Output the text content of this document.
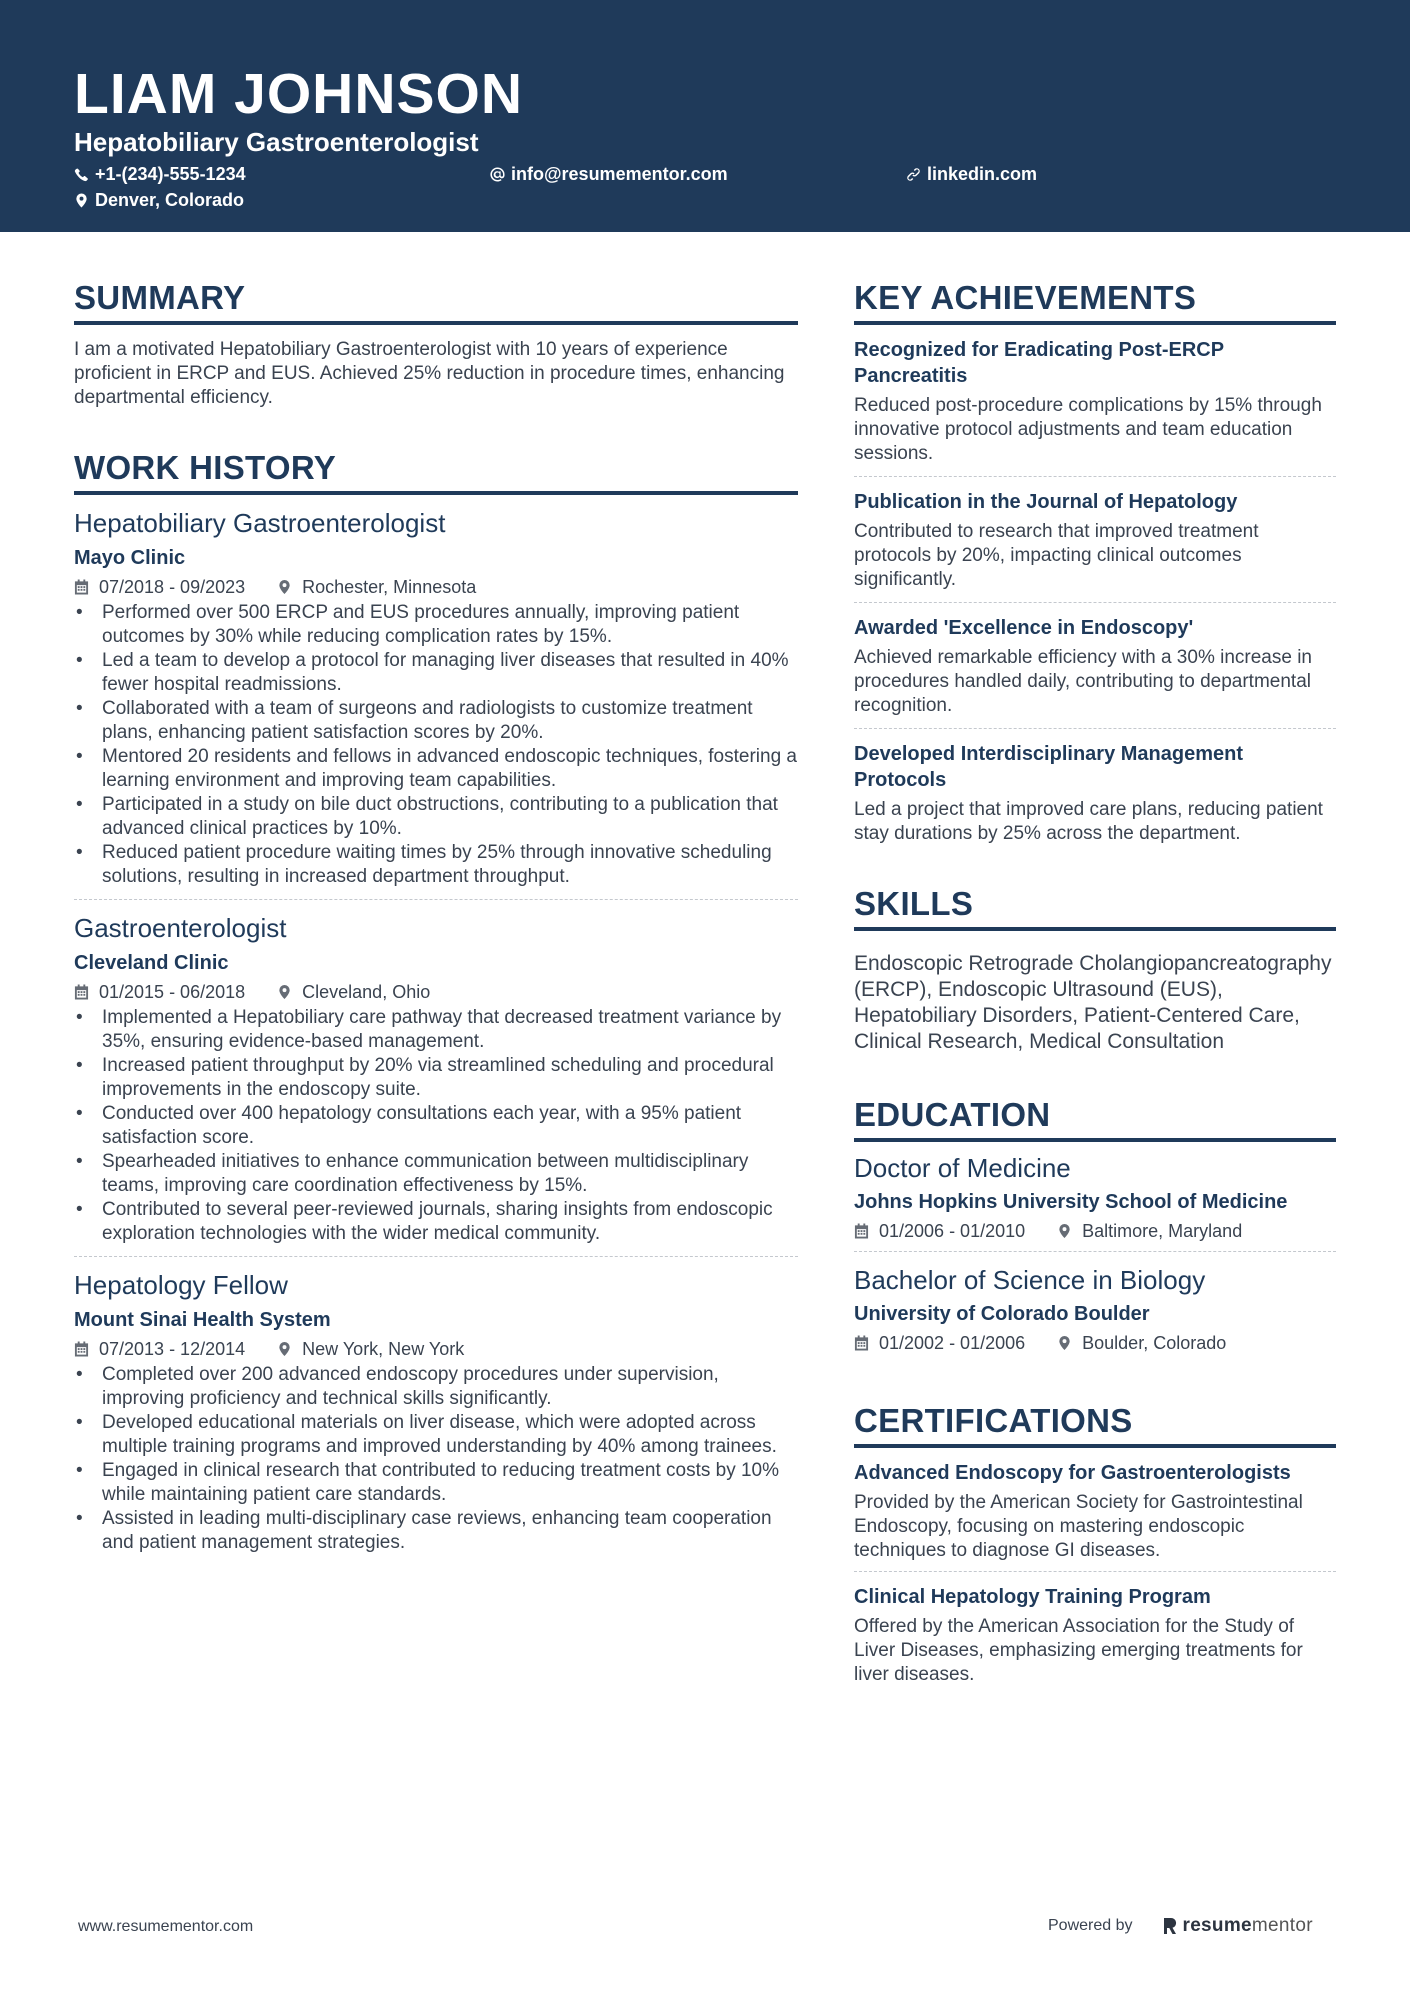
LIAM JOHNSON
Hepatobiliary Gastroenterologist
+1-(234)-555-1234	info@resumementor.com	linkedin.com
Denver, Colorado
SUMMARY
I am a motivated Hepatobiliary Gastroenterologist with 10 years of experience proficient in ERCP and EUS. Achieved 25% reduction in procedure times, enhancing departmental efficiency.
WORK HISTORY
Hepatobiliary Gastroenterologist
Mayo Clinic
07/2018 - 09/2023	Rochester, Minnesota
• Performed over 500 ERCP and EUS procedures annually, improving patient outcomes by 30% while reducing complication rates by 15%.
• Led a team to develop a protocol for managing liver diseases that resulted in 40% fewer hospital readmissions.
• Collaborated with a team of surgeons and radiologists to customize treatment plans, enhancing patient satisfaction scores by 20%.
• Mentored 20 residents and fellows in advanced endoscopic techniques, fostering a learning environment and improving team capabilities.
• Participated in a study on bile duct obstructions, contributing to a publication that advanced clinical practices by 10%.
• Reduced patient procedure waiting times by 25% through innovative scheduling solutions, resulting in increased department throughput.
Gastroenterologist
Cleveland Clinic
01/2015 - 06/2018	Cleveland, Ohio
• Implemented a Hepatobiliary care pathway that decreased treatment variance by 35%, ensuring evidence-based management.
• Increased patient throughput by 20% via streamlined scheduling and procedural improvements in the endoscopy suite.
• Conducted over 400 hepatology consultations each year, with a 95% patient satisfaction score.
• Spearheaded initiatives to enhance communication between multidisciplinary teams, improving care coordination effectiveness by 15%.
• Contributed to several peer-reviewed journals, sharing insights from endoscopic exploration technologies with the wider medical community.
Hepatology Fellow
Mount Sinai Health System
07/2013 - 12/2014	New York, New York
• Completed over 200 advanced endoscopy procedures under supervision, improving proficiency and technical skills significantly.
• Developed educational materials on liver disease, which were adopted across multiple training programs and improved understanding by 40% among trainees.
• Engaged in clinical research that contributed to reducing treatment costs by 10% while maintaining patient care standards.
• Assisted in leading multi-disciplinary case reviews, enhancing team cooperation and patient management strategies.
KEY ACHIEVEMENTS
Recognized for Eradicating Post-ERCP Pancreatitis
Reduced post-procedure complications by 15% through innovative protocol adjustments and team education sessions.
Publication in the Journal of Hepatology
Contributed to research that improved treatment protocols by 20%, impacting clinical outcomes significantly.
Awarded 'Excellence in Endoscopy'
Achieved remarkable efficiency with a 30% increase in procedures handled daily, contributing to departmental recognition.
Developed Interdisciplinary Management Protocols
Led a project that improved care plans, reducing patient stay durations by 25% across the department.
SKILLS
Endoscopic Retrograde Cholangiopancreatography (ERCP), Endoscopic Ultrasound (EUS), Hepatobiliary Disorders, Patient-Centered Care, Clinical Research, Medical Consultation
EDUCATION
Doctor of Medicine
Johns Hopkins University School of Medicine
01/2006 - 01/2010	Baltimore, Maryland
Bachelor of Science in Biology
University of Colorado Boulder
01/2002 - 01/2006	Boulder, Colorado
CERTIFICATIONS
Advanced Endoscopy for Gastroenterologists
Provided by the American Society for Gastrointestinal Endoscopy, focusing on mastering endoscopic techniques to diagnose GI diseases.
Clinical Hepatology Training Program
Offered by the American Association for the Study of Liver Diseases, emphasizing emerging treatments for liver diseases.
www.resumementor.com	Powered by	resume mentor
